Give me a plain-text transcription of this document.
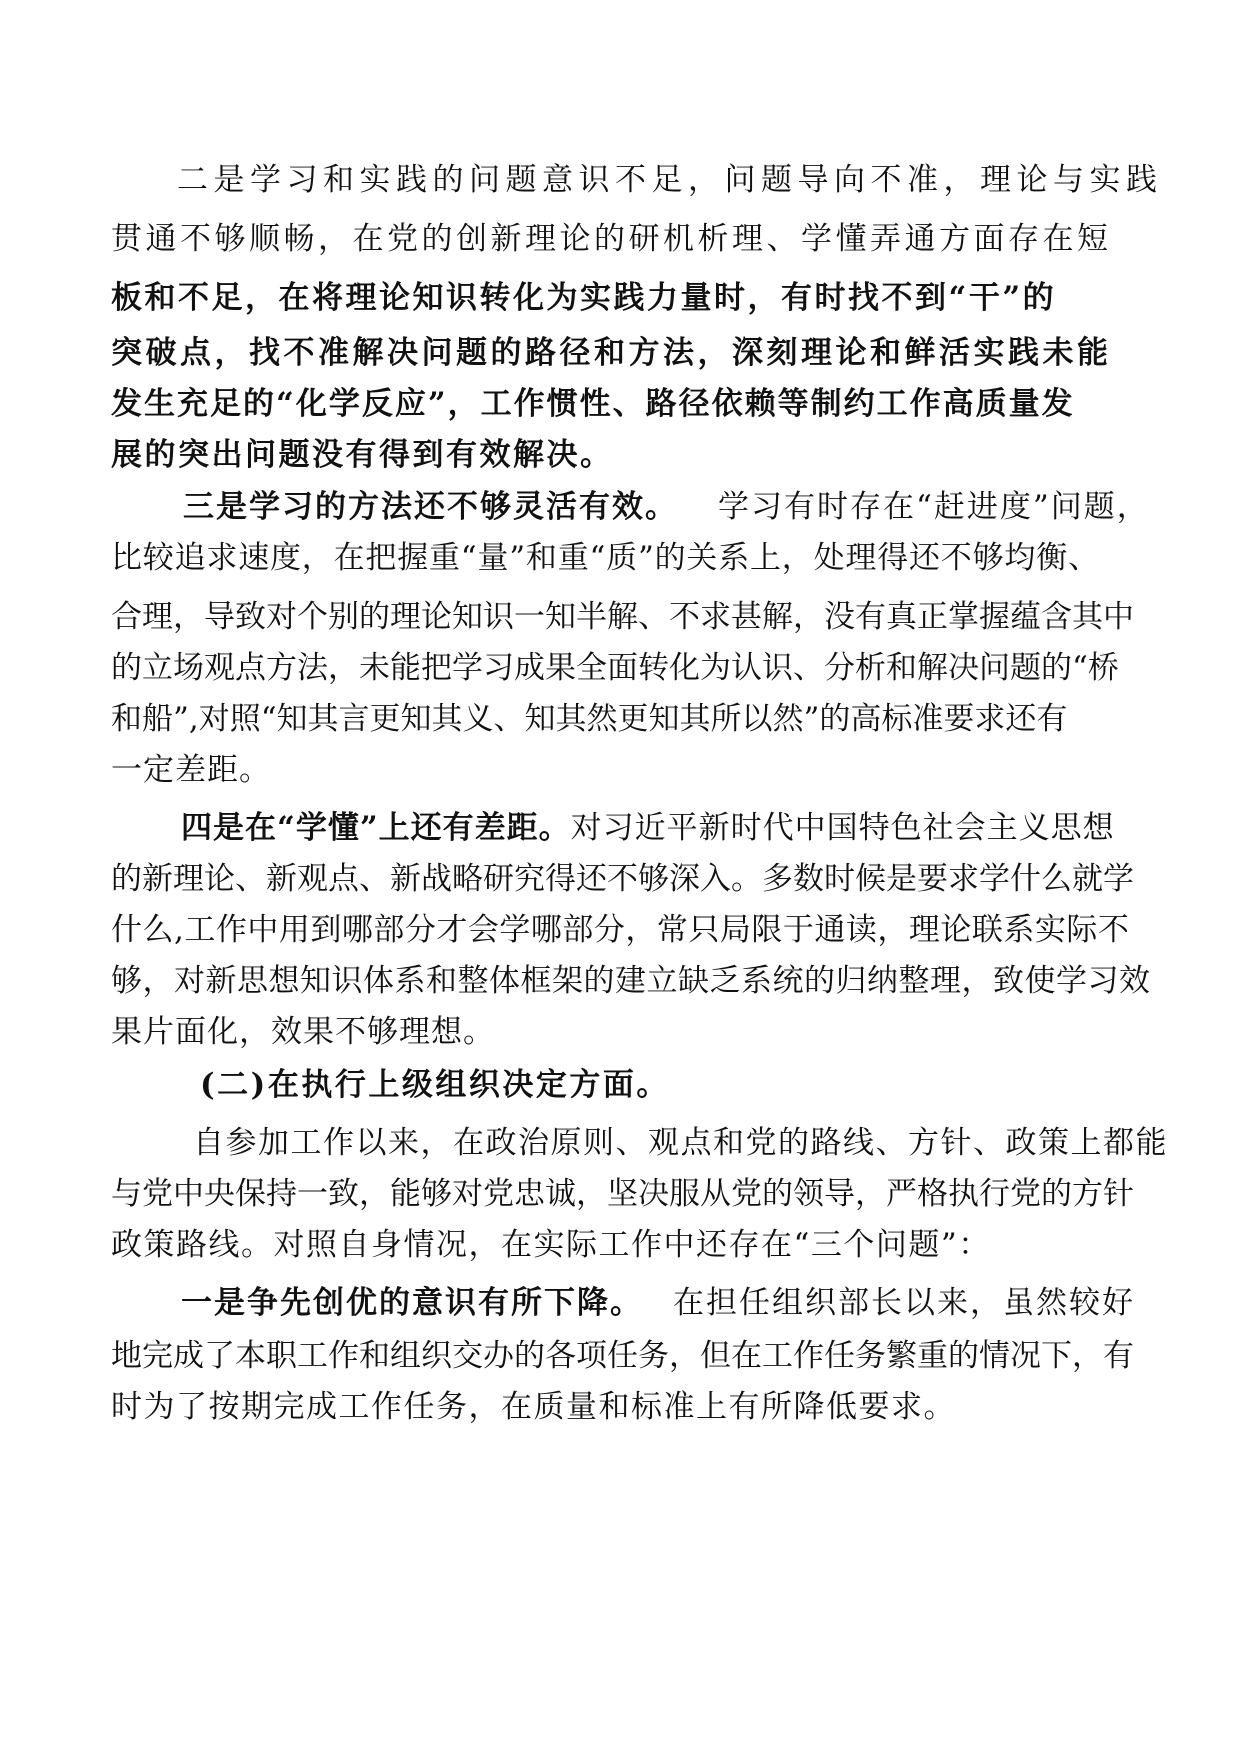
二是学习和实践的问题意识不足，问题导向不准，理论与实践
贯通不够顺畅，在党的创新理论的研机析理、学懂弄通方面存在短
板和不足，在将理论知识转化为实践力量时，有时找不到“干”的
突破点，找不准解决问题的路径和方法，深刻理论和鲜活实践未能
发生充足的“化学反应”，工作惯性、路径依赖等制约工作高质量发
展的突出问题没有得到有效解决。
三是学习的方法还不够灵活有效。 学习有时存在“赶进度”问题，
比较追求速度，在把握重“量”和重“质”的关系上，处理得还不够均衡、
合理，导致对个别的理论知识一知半解、不求甚解，没有真正掌握蕴含其中
的立场观点方法，未能把学习成果全面转化为认识、分析和解决问题的“桥
和船”,对照“知其言更知其义、知其然更知其所以然”的高标准要求还有
一定差距。
四是在“学懂”上还有差距。对习近平新时代中国特色社会主义思想
的新理论、新观点、新战略研究得还不够深入。多数时候是要求学什么就学
什么,工作中用到哪部分才会学哪部分，常只局限于通读，理论联系实际不
够，对新思想知识体系和整体框架的建立缺乏系统的归纳整理，致使学习效
果片面化，效果不够理想。
(二)在执行上级组织决定方面。
自参加工作以来，在政治原则、观点和党的路线、方针、政策上都能
与党中央保持一致，能够对党忠诚，坚决服从党的领导，严格执行党的方针
政策路线。对照自身情况，在实际工作中还存在“三个问题”：
一是争先创优的意识有所下降。 在担任组织部长以来，虽然较好
地完成了本职工作和组织交办的各项任务，但在工作任务繁重的情况下，有
时为了按期完成工作任务，在质量和标准上有所降低要求。
